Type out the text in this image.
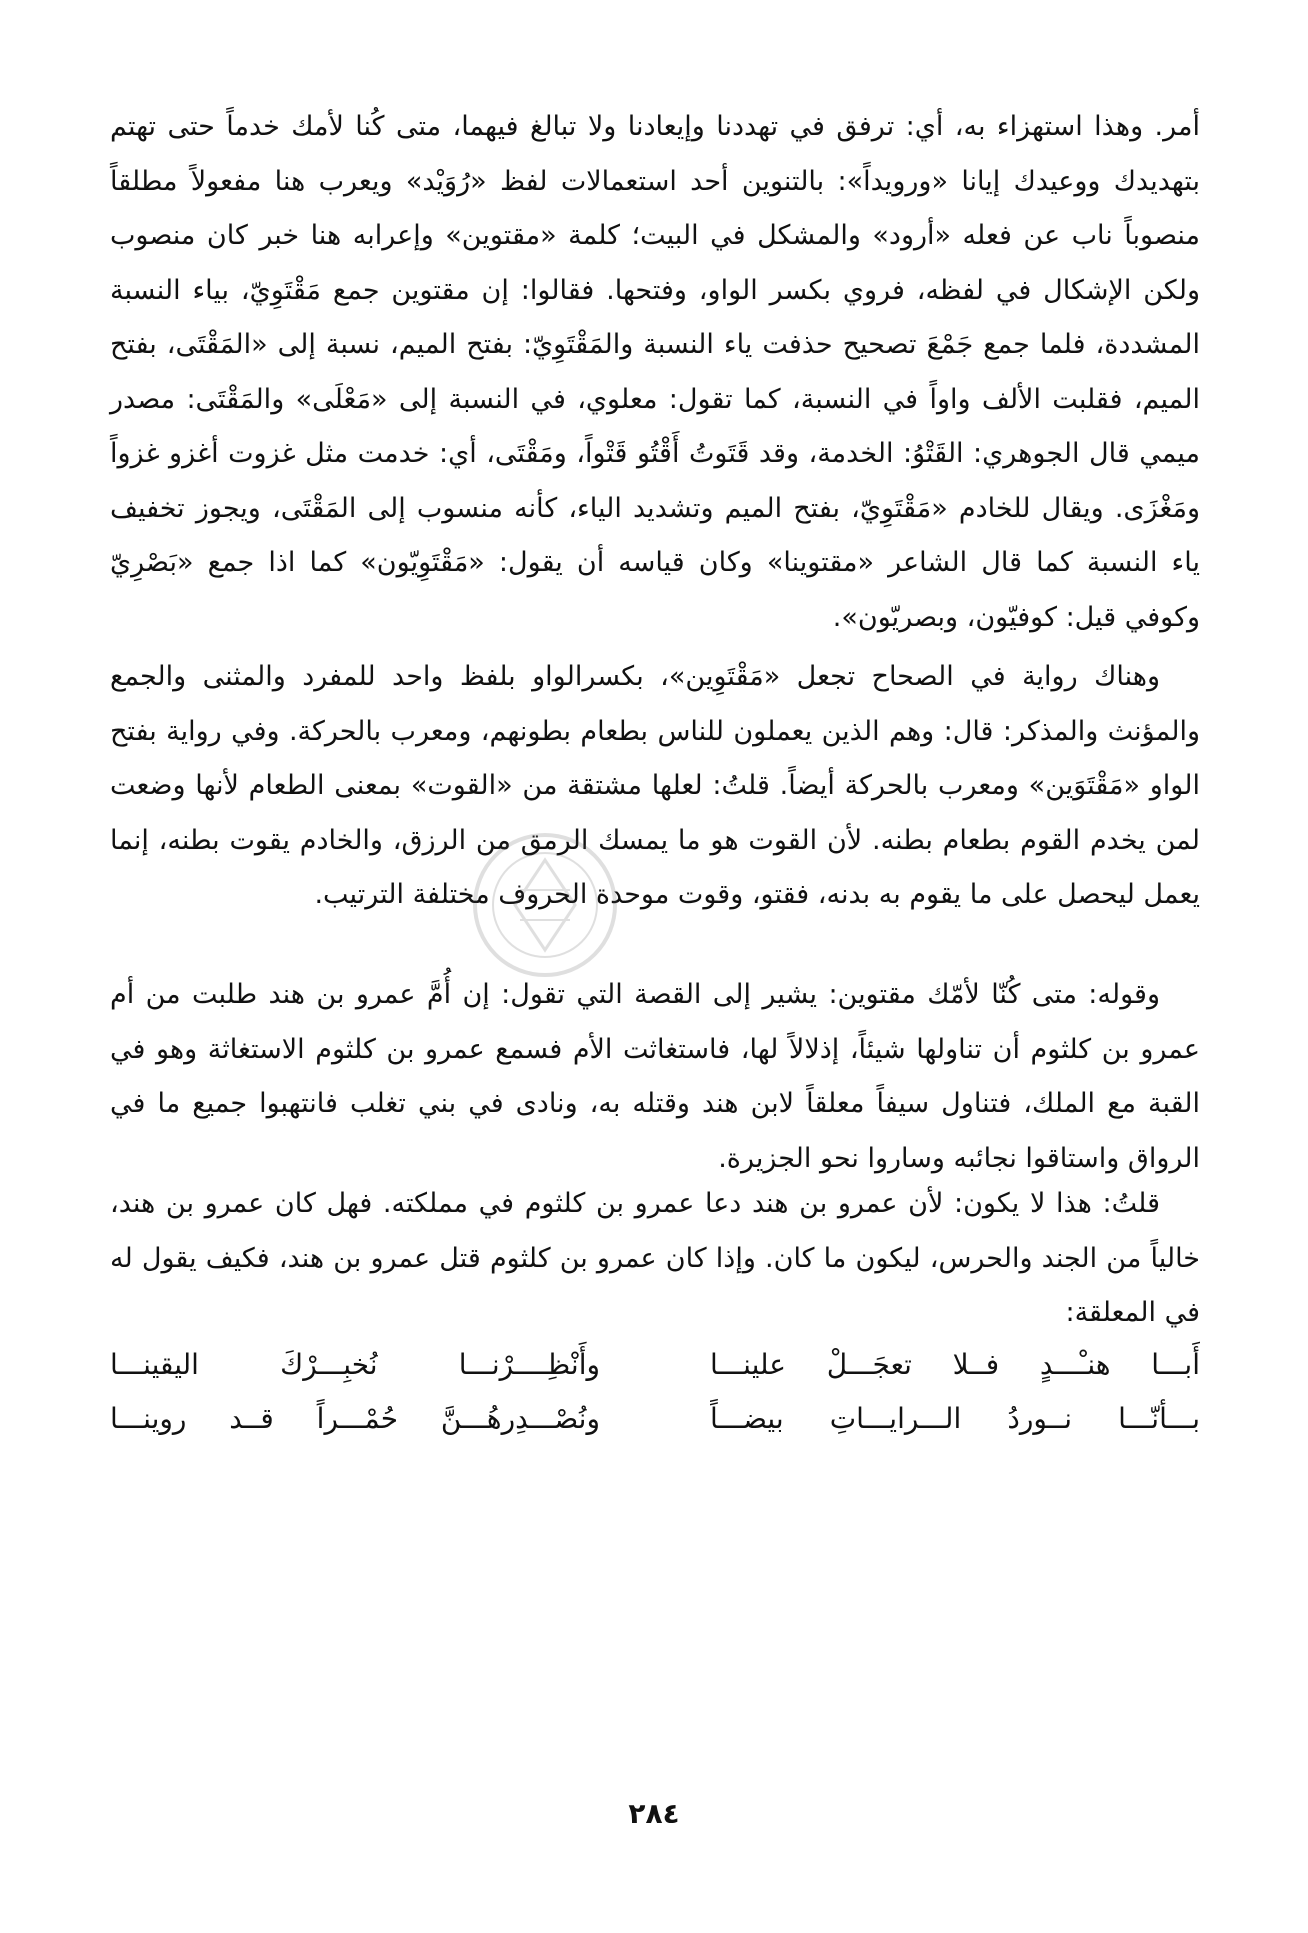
أمر. وهذا استهزاء به، أي: ترفق في تهددنا وإيعادنا ولا تبالغ فيهما، متى كُنا لأمك خدماً حتى تهتم بتهديدك ووعيدك إيانا «ورويداً»: بالتنوين أحد استعمالات لفظ «رُوَيْد» ويعرب هنا مفعولاً مطلقاً منصوباً ناب عن فعله «أرود» والمشكل في البيت؛ كلمة «مقتوين» وإعرابه هنا خبر كان منصوب ولكن الإشكال في لفظه، فروي بكسر الواو، وفتحها. فقالوا: إن مقتوين جمع مَقْتَوِيّ، بياء النسبة المشددة، فلما جمع جَمْعَ تصحيح حذفت ياء النسبة والمَقْتَوِيّ: بفتح الميم، نسبة إلى «المَقْتَى، بفتح الميم، فقلبت الألف واواً في النسبة، كما تقول: معلوي، في النسبة إلى «مَعْلَى» والمَقْتَى: مصدر ميمي قال الجوهري: القَتْوُ: الخدمة، وقد قَتَوتُ أَقْتُو قَتْواً، ومَقْتَى، أي: خدمت مثل غزوت أغزو غزواً ومَغْزَى. ويقال للخادم «مَقْتَوِيّ، بفتح الميم وتشديد الياء، كأنه منسوب إلى المَقْتَى، ويجوز تخفيف ياء النسبة كما قال الشاعر «مقتوينا» وكان قياسه أن يقول: «مَقْتَوِيّون» كما اذا جمع «بَصْرِيّ وكوفي قيل: كوفيّون، وبصريّون».

وهناك رواية في الصحاح تجعل «مَقْتَوِين»، بكسرالواو بلفظ واحد للمفرد والمثنى والجمع والمؤنث والمذكر: قال: وهم الذين يعملون للناس بطعام بطونهم، ومعرب بالحركة. وفي رواية بفتح الواو «مَقْتَوَين» ومعرب بالحركة أيضاً. قلتُ: لعلها مشتقة من «القوت» بمعنى الطعام لأنها وضعت لمن يخدم القوم بطعام بطنه. لأن القوت هو ما يمسك الرمق من الرزق، والخادم يقوت بطنه، إنما يعمل ليحصل على ما يقوم به بدنه، فقتو، وقوت موحدة الحروف مختلفة الترتيب.

وقوله: متى كُنّا لأمّك مقتوين: يشير إلى القصة التي تقول: إن أُمَّ عمرو بن هند طلبت من أم عمرو بن كلثوم أن تناولها شيئاً، إذلالاً لها، فاستغاثت الأم فسمع عمرو بن كلثوم الاستغاثة وهو في القبة مع الملك، فتناول سيفاً معلقاً لابن هند وقتله به، ونادى في بني تغلب فانتهبوا جميع ما في الرواق واستاقوا نجائبه وساروا نحو الجزيرة.

قلتُ: هذا لا يكون: لأن عمرو بن هند دعا عمرو بن كلثوم في مملكته. فهل كان عمرو بن هند، خالياً من الجند والحرس، ليكون ما كان. وإذا كان عمرو بن كلثوم قتل عمرو بن هند، فكيف يقول له في المعلقة:

أَبـــا هنـْـــدٍ فــلا تعجَـــلْ علينـــا
وأَنْظِــــرْنـــا نُخبِـــرْكَ اليقينـــا
بـــأنّـــا نــوردُ الـــرايـــاتِ بيضـــاً
ونُصْـــدِرهُـــنَّ حُمْـــراً قــد روينـــا
٢٨٤
